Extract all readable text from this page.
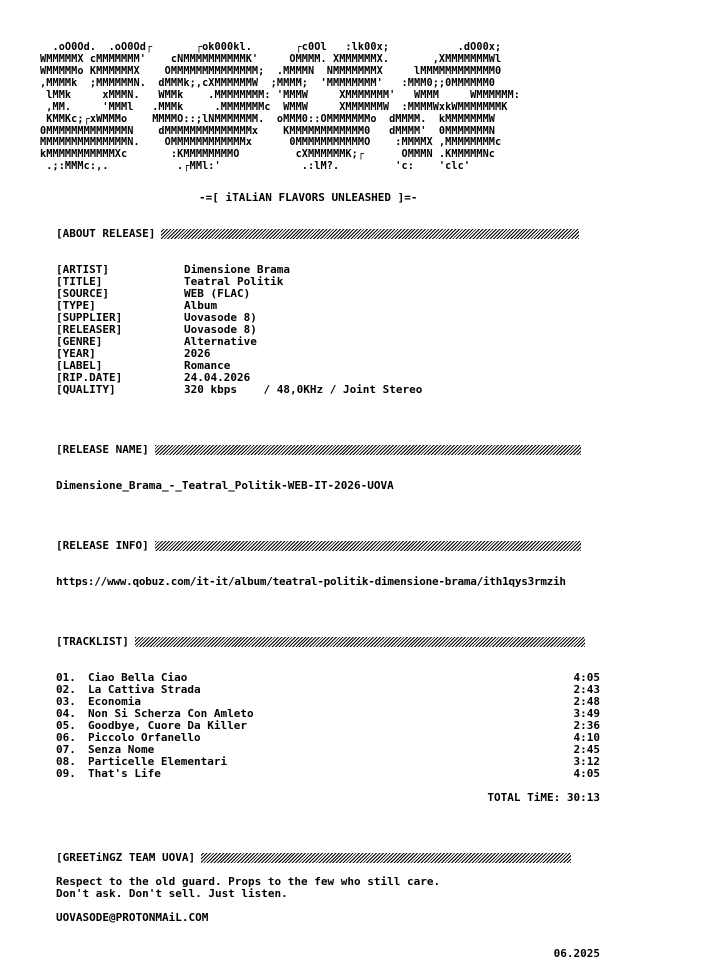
.oO0Od.  .oO0Od┌       ┌ok000kl.       ┌c0Ol   :lk00x;           .dO00x;
WMMMMMX cMMMMMMM'    cNMMMMMMMMMMK'     OMMMM. XMMMMMMX.       ,XMMMMMMMWl
WMMMMMo KMMMMMMX    OMMMMMMMMMMMMMM;  .MMMMN  NMMMMMMMX     lMMMMMMMMMMMM0
,MMMMk  ;MMMMMMN.  dMMMk;,cXMMMMMMW  ;MMMM;  'MMMMMMMM'   :MMM0;;0MMMMMM0
lMMk     xMMMN.   WMMk    .MMMMMMMM: 'MMMW     XMMMMMMM'   WMMM     WMMMMMM:
,MM.     'MMMl   .MMMk     .MMMMMMMc  WMMW     XMMMMMMW  :MMMMWxkWMMMMMMMK
KMMKc;┌xWMMMo    MMMMO::;lNMMMMMMM.  oMMM0::OMMMMMMMo  dMMMM.  kMMMMMMMW
0MMMMMMMMMMMMMN    dMMMMMMMMMMMMMMx    KMMMMMMMMMMMM0   dMMMM'  0MMMMMMMN
MMMMMMMMMMMMMMN.    OMMMMMMMMMMMMx      0MMMMMMMMMMMO    :MMMMX ,MMMMMMMMc
kMMMMMMMMMMMXc       :KMMMMMMMMO         cXMMMMMMK;┌      OMMMN .KMMMMMNc
.;:MMMc:,.           .┌MMl:'             .:lM?.         'c:    'clc'
-=[ iTALiAN FLAVORS UNLEASHED ]=-
[ABOUT RELEASE]
[ARTIST]	Dimensione Brama
[TITLE]	Teatral Politik
[SOURCE]	WEB (FLAC)
[TYPE]	Album
[SUPPLIER]	Uovasode 8)
[RELEASER]	Uovasode 8)
[GENRE]	Alternative
[YEAR]	2026
[LABEL]	Romance
[RIP.DATE]	24.04.2026
[QUALITY]	320 kbps    / 48,0KHz / Joint Stereo
[RELEASE NAME]
Dimensione_Brama_-_Teatral_Politik-WEB-IT-2026-UOVA
[RELEASE INFO]
https://www.qobuz.com/it-it/album/teatral-politik-dimensione-brama/ith1qys3rmzih
[TRACKLIST]
01.	Ciao Bella Ciao	4:05
02.	La Cattiva Strada	2:43
03.	Economia	2:48
04.	Non Si Scherza Con Amleto	3:49
05.	Goodbye, Cuore Da Killer	2:36
06.	Piccolo Orfanello	4:10
07.	Senza Nome	2:45
08.	Particelle Elementari	3:12
09.	That's Life	4:05
TOTAL TiME: 30:13
[GREETiNGZ TEAM UOVA]
Respect to the old guard. Props to the few who still care.
Don't ask. Don't sell. Just listen.
UOVASODE@PROTONMAiL.COM
06.2025
